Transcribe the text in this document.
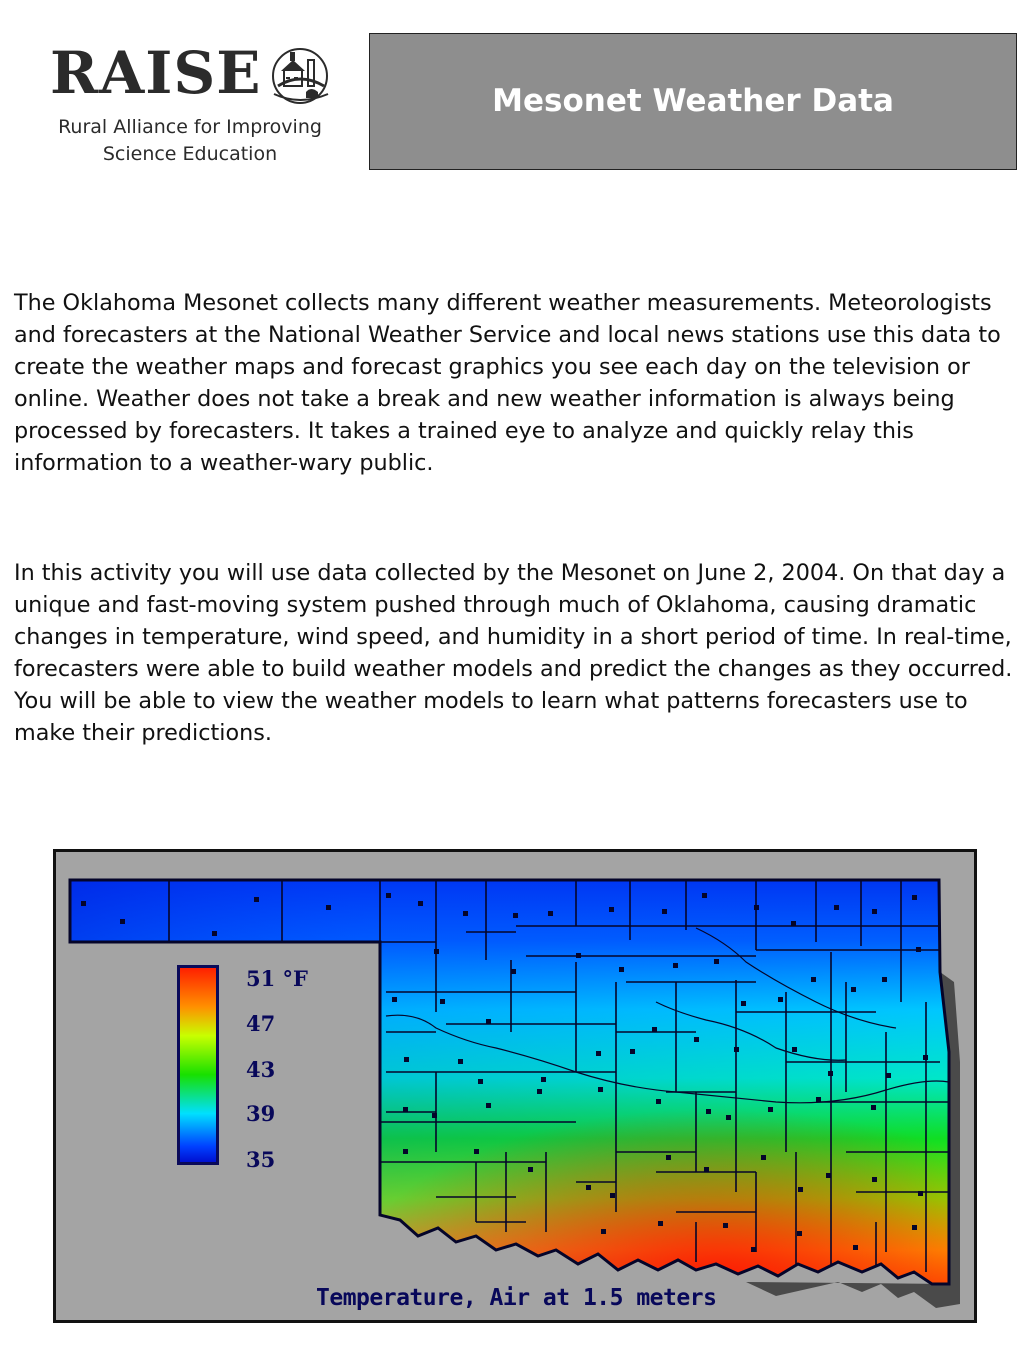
RAISE
Rural Alliance for Improving
Science Education
Mesonet Weather Data

The Oklahoma Mesonet collects many different weather measurements. Meteorologists and forecasters at the National Weather Service and local news stations use this data to create the weather maps and forecast graphics you see each day on the television or online. Weather does not take a break and new weather information is always being processed by forecasters. It takes a trained eye to analyze and quickly relay this information to a weather-wary public.

In this activity you will use data collected by the Mesonet on June 2, 2004. On that day a unique and fast-moving system pushed through much of Oklahoma, causing dramatic changes in temperature, wind speed, and humidity in a short period of time. In real-time, forecasters were able to build weather models and predict the changes as they occurred. You will be able to view the weather models to learn what patterns forecasters use to make their predictions.

51 °F
47
43
39
35
Temperature, Air at 1.5 meters
